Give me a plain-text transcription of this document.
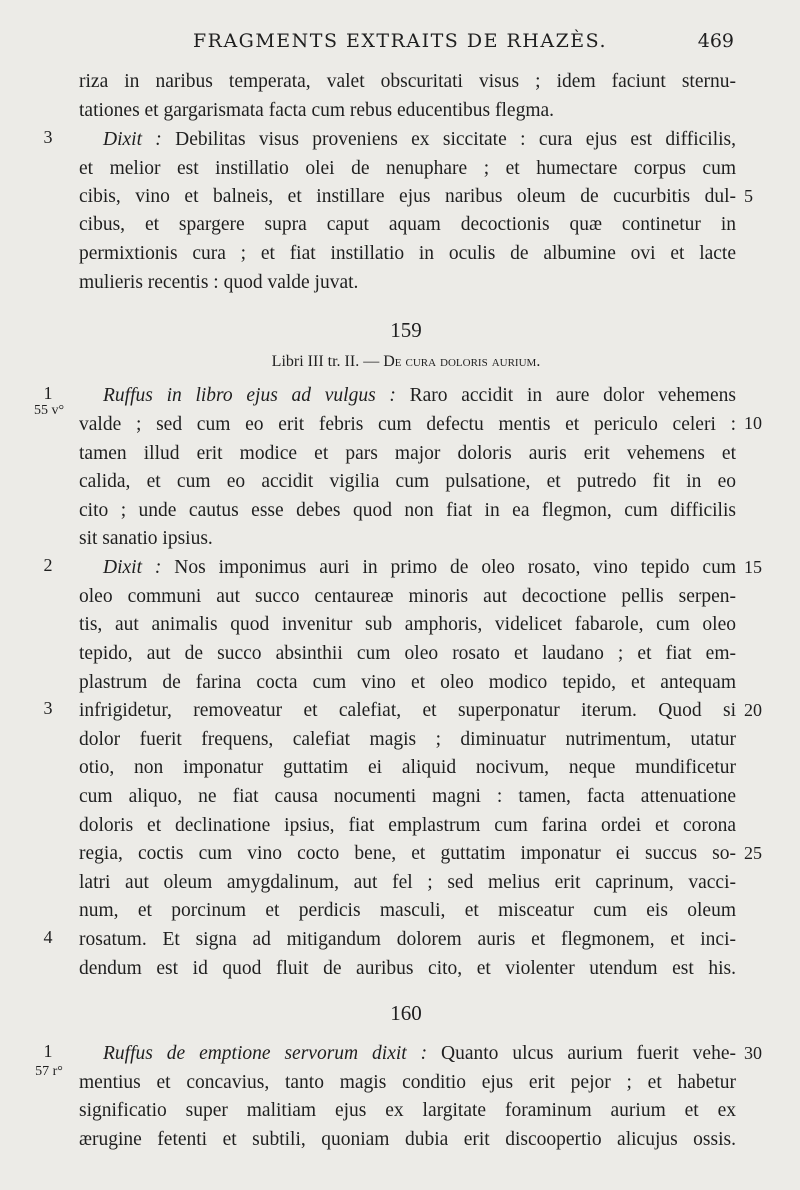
FRAGMENTS EXTRAITS DE RHAZÈS.	469
riza in naribus temperata, valet obscuritati visus ; idem faciunt sternu-
tationes et gargarismata facta cum rebus educentibus flegma.
3	Dixit : Debilitas visus proveniens ex siccitate : cura ejus est difficilis,
et melior est instillatio olei de nenuphare ; et humectare corpus cum
cibis, vino et balneis, et instillare ejus naribus oleum de cucurbitis dul- 5
cibus, et spargere supra caput aquam decoctionis quæ continetur in
permixtionis cura ; et fiat instillatio in oculis de albumine ovi et lacte
mulieris recentis : quod valde juvat.
159
Libri III tr. II. — De cura doloris aurium.
1
55 v°
Ruffus in libro ejus ad vulgus : Raro accidit in aure dolor vehemens
valde ; sed cum eo erit febris cum defectu mentis et periculo celeri : 10
tamen illud erit modice et pars major doloris auris erit vehemens et
calida, et cum eo accidit vigilia cum pulsatione, et putredo fit in eo
cito ; unde cautus esse debes quod non fiat in ea flegmon, cum difficilis
sit sanatio ipsius.
2	Dixit : Nos imponimus auri in primo de oleo rosato, vino tepido cum 15
oleo communi aut succo centaureæ minoris aut decoctione pellis serpen-
tis, aut animalis quod invenitur sub amphoris, videlicet fabarole, cum oleo
tepido, aut de succo absinthii cum oleo rosato et laudano ; et fiat em-
plastrum de farina cocta cum vino et oleo modico tepido, et antequam
3	infrigidetur, removeatur et calefiat, et superponatur iterum. Quod si 20
dolor fuerit frequens, calefiat magis ; diminuatur nutrimentum, utatur
otio, non imponatur guttatim ei aliquid nocivum, neque mundificetur
cum aliquo, ne fiat causa nocumenti magni : tamen, facta attenuatione
doloris et declinatione ipsius, fiat emplastrum cum farina ordei et corona
regia, coctis cum vino cocto bene, et guttatim imponatur ei succus so- 25
latri aut oleum amygdalinum, aut fel ; sed melius erit caprinum, vacci-
num, et porcinum et perdicis masculi, et misceatur cum eis oleum
4	rosatum. Et signa ad mitigandum dolorem auris et flegmonem, et inci-
dendum est id quod fluit de auribus cito, et violenter utendum est his.
160
1
57 r°
Ruffus de emptione servorum dixit : Quanto ulcus aurium fuerit vehe- 30
mentius et concavius, tanto magis conditio ejus erit pejor ; et habetur
significatio super malitiam ejus ex largitate foraminum aurium et ex
ærugine fetenti et subtili, quoniam dubia erit discoopertio alicujus ossis.
